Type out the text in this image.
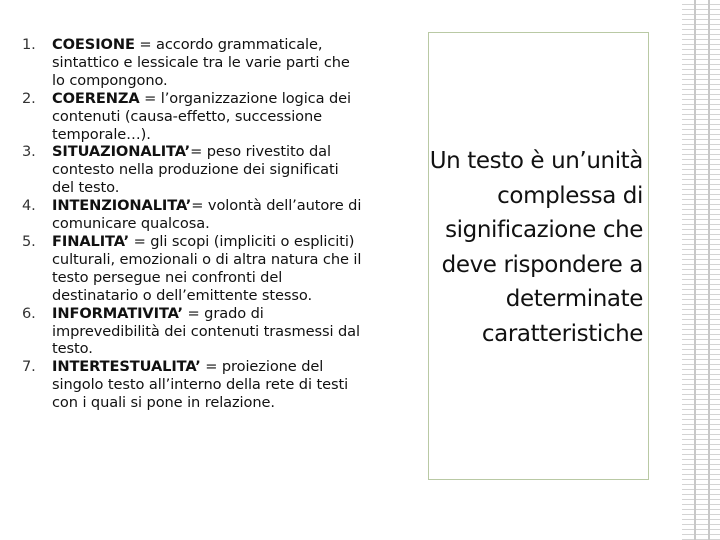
1.	COESIONE = accordo grammaticale, sintattico e lessicale tra le varie parti che lo compongono.
2.	COERENZA = l’organizzazione logica dei contenuti (causa-effetto, successione temporale…).
3.	SITUAZIONALITA’= peso rivestito dal contesto nella produzione dei significati del testo.
4.	INTENZIONALITA’= volontà dell’autore di comunicare qualcosa.
5.	FINALITA’ = gli scopi (impliciti o espliciti) culturali, emozionali o di altra natura che il testo persegue nei confronti del destinatario o dell’emittente stesso.
6.	INFORMATIVITA’ = grado di imprevedibilità dei contenuti trasmessi dal testo.
7.	INTERTESTUALITA’ = proiezione del singolo testo all’interno della rete di testi con i quali si pone in relazione.

Un testo è un’unità complessa di significazione che deve rispondere a determinate caratteristiche
